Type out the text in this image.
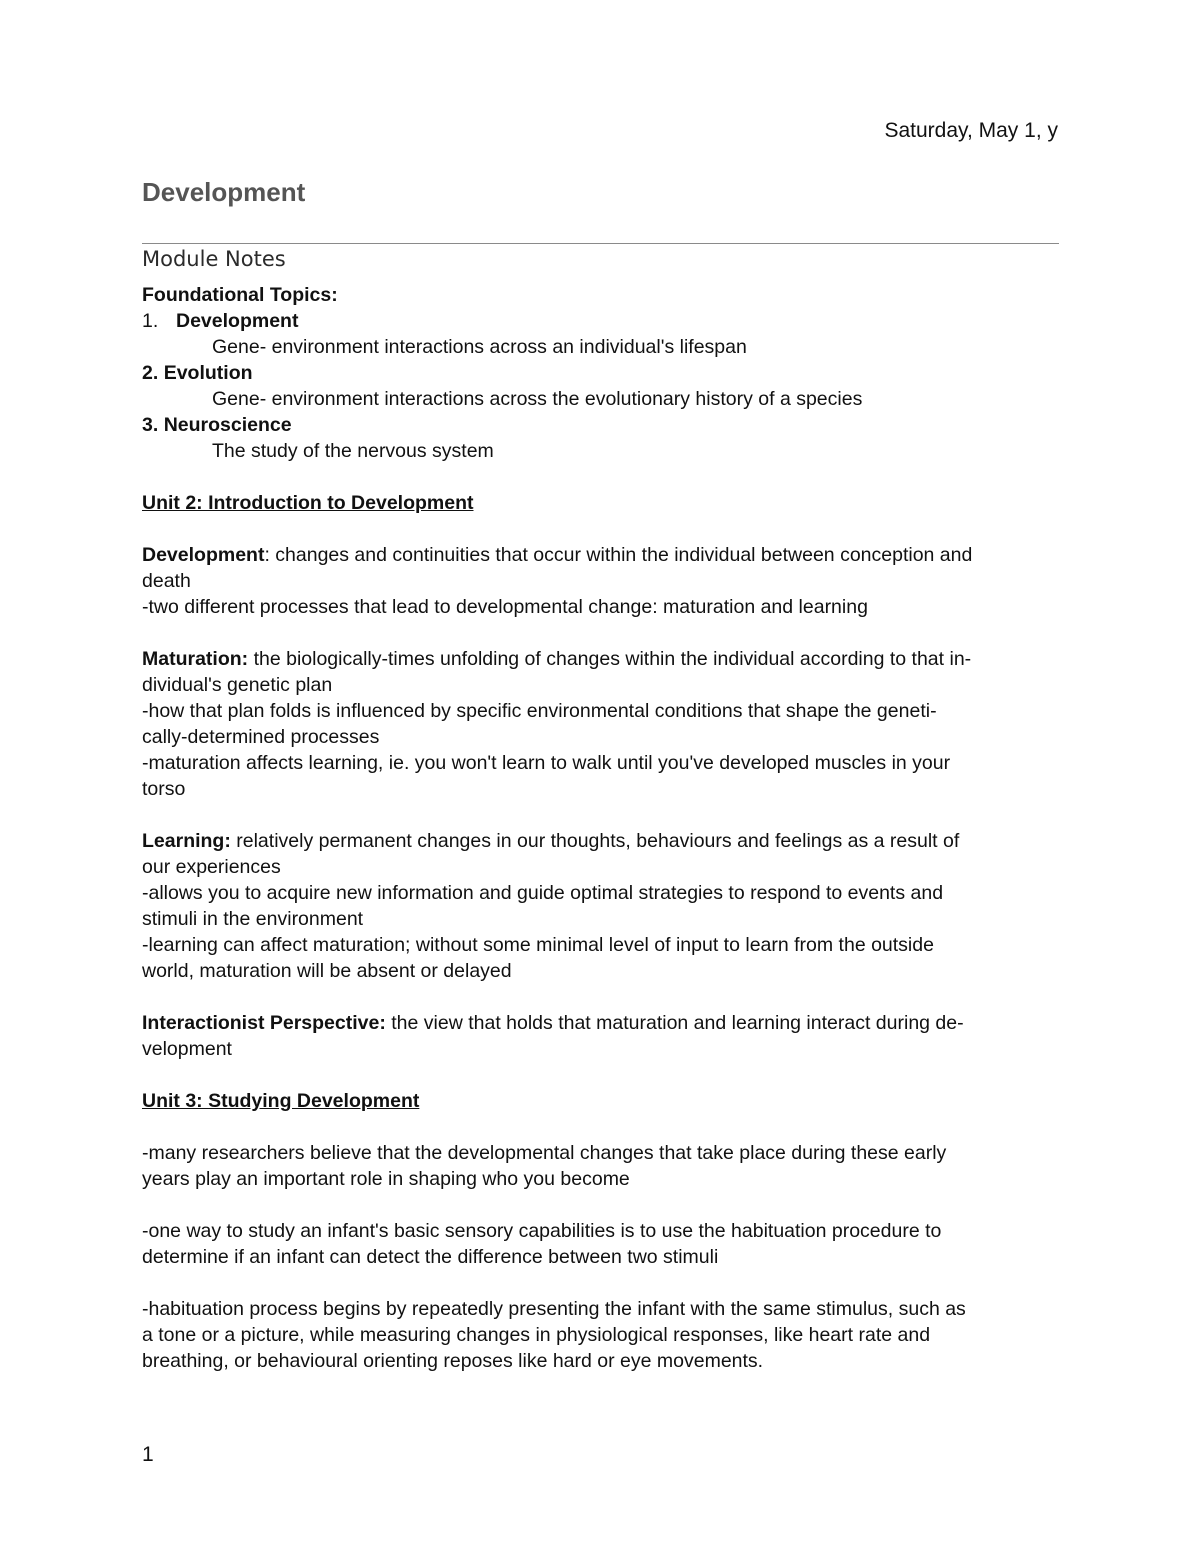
Saturday, May 1, y
Development
Module Notes

Foundational Topics:

1. Development

Gene- environment interactions across an individual's lifespan

2. Evolution

Gene- environment interactions across the evolutionary history of a species

3. Neuroscience

The study of the nervous system

Unit 2: Introduction to Development

Development: changes and continuities that occur within the individual between conception and

death

-two different processes that lead to developmental change: maturation and learning

Maturation: the biologically-times unfolding of changes within the individual according to that in-

dividual's genetic plan

-how that plan folds is influenced by specific environmental conditions that shape the geneti-

cally-determined processes

-maturation affects learning, ie. you won't learn to walk until you've developed muscles in your

torso

Learning: relatively permanent changes in our thoughts, behaviours and feelings as a result of

our experiences

-allows you to acquire new information and guide optimal strategies to respond to events and

stimuli in the environment

-learning can affect maturation; without some minimal level of input to learn from the outside

world, maturation will be absent or delayed

Interactionist Perspective: the view that holds that maturation and learning interact during de-

velopment

Unit 3: Studying Development

-many researchers believe that the developmental changes that take place during these early

years play an important role in shaping who you become

-one way to study an infant's basic sensory capabilities is to use the habituation procedure to

determine if an infant can detect the difference between two stimuli

-habituation process begins by repeatedly presenting the infant with the same stimulus, such as

a tone or a picture, while measuring changes in physiological responses, like heart rate and

breathing, or behavioural orienting reposes like hard or eye movements.

1
